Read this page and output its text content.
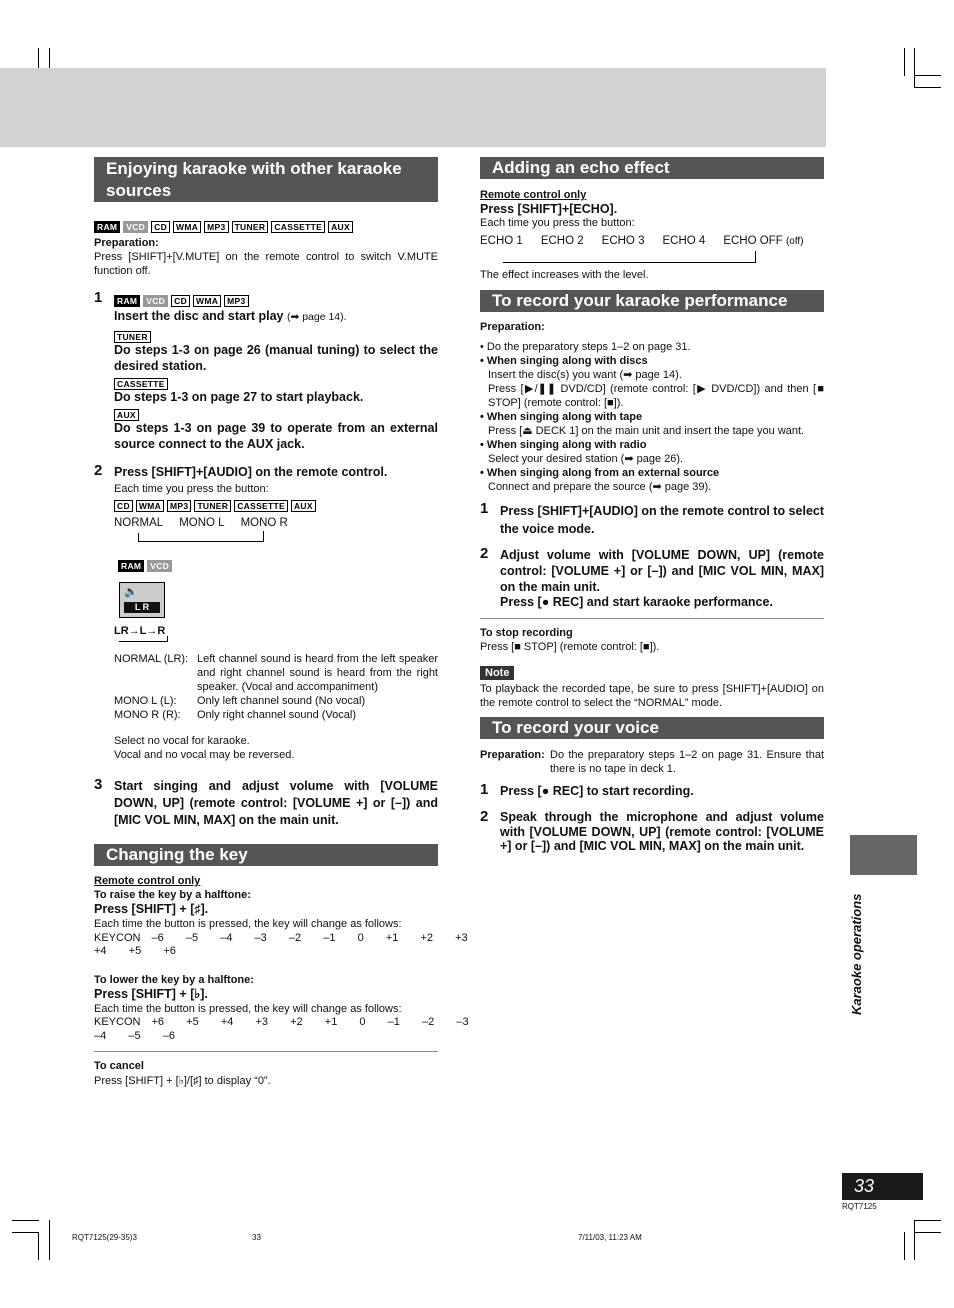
Enjoying karaoke with other karaoke sources
RAM	VCD	CD	WMA	MP3	TUNER	CASSETTE	AUX
Preparation:
Press [SHIFT]+[V.MUTE] on the remote control to switch V.MUTE function off.
1	RAM	VCD	CD	WMA	MP3
Insert the disc and start play (➡ page 14).
TUNER
Do steps 1-3 on page 26 (manual tuning) to select the desired station.
CASSETTE
Do steps 1-3 on page 27 to start playback.
AUX
Do steps 1-3 on page 39 to operate from an external source connect to the AUX jack.
2 Press [SHIFT]+[AUDIO] on the remote control.
Each time you press the button:
CD	WMA	MP3	TUNER	CASSETTE	AUX
NORMAL MONO L MONO R
RAM	VCD
🔈
L R
LR→L→R
NORMAL (LR): Left channel sound is heard from the left speaker and right channel sound is heard from the right speaker. (Vocal and accompaniment)
MONO L (L):	Only left channel sound (No vocal)
MONO R (R):	Only right channel sound (Vocal)
Select no vocal for karaoke.
Vocal and no vocal may be reversed.
3 Start singing and adjust volume with [VOLUME DOWN, UP] (remote control: [VOLUME +] or [–]) and [MIC VOL MIN, MAX] on the main unit.
Changing the key
Remote control only
To raise the key by a halftone:
Press [SHIFT] + [♯].
Each time the button is pressed, the key will change as follows:
KEYCON –6  –5  –4  –3  –2  –1  0  +1  +2  +3
+4  +5  +6
To lower the key by a halftone:
Press [SHIFT] + [♭].
Each time the button is pressed, the key will change as follows:
KEYCON +6  +5  +4  +3  +2  +1  0  –1  –2  –3
–4  –5  –6
To cancel
Press [SHIFT] + [♭]/[♯] to display “0”.
Adding an echo effect
Remote control only
Press [SHIFT]+[ECHO].
Each time you press the button:
ECHO 1 ECHO 2 ECHO 3 ECHO 4 ECHO OFF (off)
The effect increases with the level.
To record your karaoke performance
Preparation:
• Do the preparatory steps 1–2 on page 31.
• When singing along with discs
Insert the disc(s) you want (➡ page 14).
Press [▶/❚❚ DVD/CD] (remote control: [▶ DVD/CD]) and then [■ STOP] (remote control: [■]).
• When singing along with tape
Press [⏏ DECK 1] on the main unit and insert the tape you want.
• When singing along with radio
Select your desired station (➡ page 26).
• When singing along from an external source
Connect and prepare the source (➡ page 39).
1 Press [SHIFT]+[AUDIO] on the remote control to select the voice mode.
2 Adjust volume with [VOLUME DOWN, UP] (remote control: [VOLUME +] or [–]) and [MIC VOL MIN, MAX] on the main unit.
Press [● REC] and start karaoke performance.
To stop recording
Press [■ STOP] (remote control: [■]).
Note
To playback the recorded tape, be sure to press [SHIFT]+[AUDIO] on the remote control to select the “NORMAL” mode.
To record your voice
Preparation: Do the preparatory steps 1–2 on page 31. Ensure that there is no tape in deck 1.
1 Press [● REC] to start recording.
2 Speak through the microphone and adjust volume with [VOLUME DOWN, UP] (remote control: [VOLUME +] or [–]) and [MIC VOL MIN, MAX] on the main unit.
Karaoke operations
33
RQT7125
RQT7125(29-35)3	33	7/11/03, 11:23 AM
